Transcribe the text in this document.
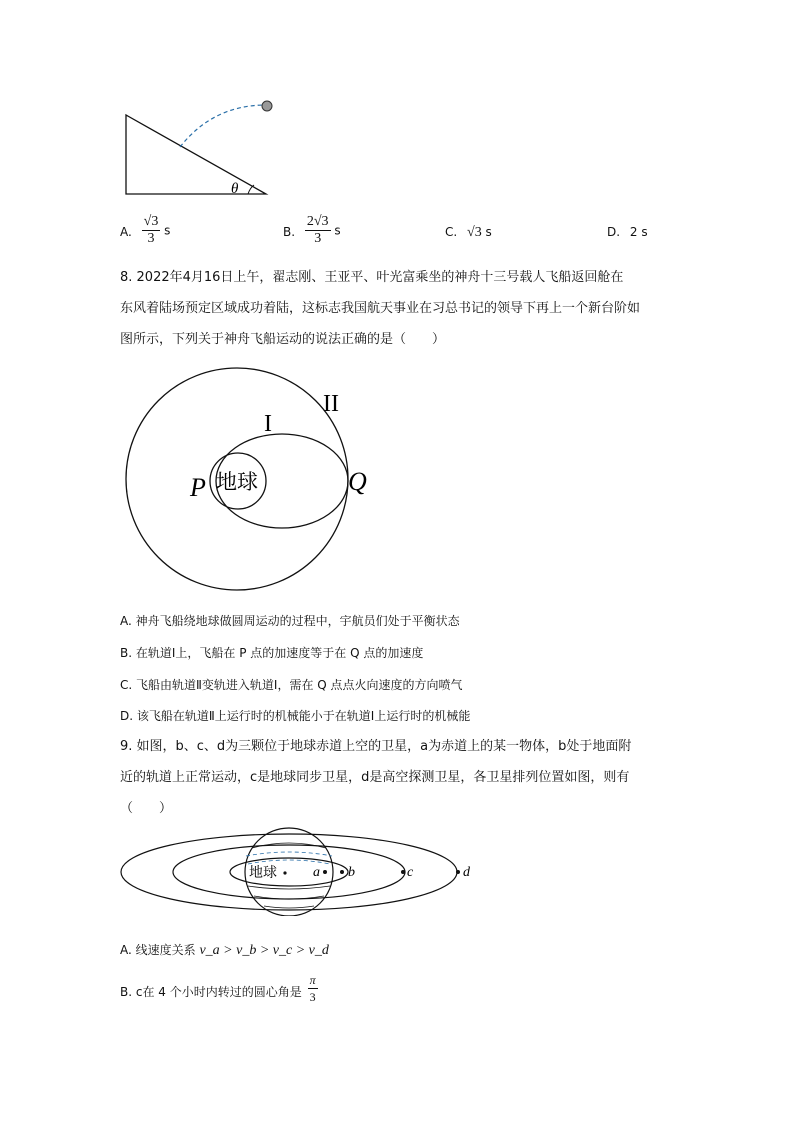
θ
A. $\frac{√3}{3}$ s	B. $\frac{2√3}{3}$ s	C. √3 s	D. 2 s
8. 2022年4月16日上午，翟志刚、王亚平、叶光富乘坐的神舟十三号载人飞船返回舱在
东风着陆场预定区域成功着陆，这标志我国航天事业在习总书记的领导下再上一个新台阶如
图所示，下列关于神舟飞船运动的说法正确的是（　　）
地球
P	Q
I
II
A. 神舟飞船绕地球做圆周运动的过程中，宇航员们处于平衡状态
B. 在轨道Ⅰ上，飞船在 P 点的加速度等于在 Q 点的加速度
C. 飞船由轨道Ⅱ变轨进入轨道Ⅰ，需在 Q 点点火向速度的方向喷气
D. 该飞船在轨道Ⅱ上运行时的机械能小于在轨道Ⅰ上运行时的机械能
9. 如图，b、c、d为三颗位于地球赤道上空的卫星，a为赤道上的某一物体，b处于地面附
近的轨道上正常运动，c是地球同步卫星，d是高空探测卫星，各卫星排列位置如图，则有
（　　）
地球	a b	c	d
A. 线速度关系 v_a > v_b > v_c > v_d
B. c在 4 个小时内转过的圆心角是 $\frac{\pi}{3}$
